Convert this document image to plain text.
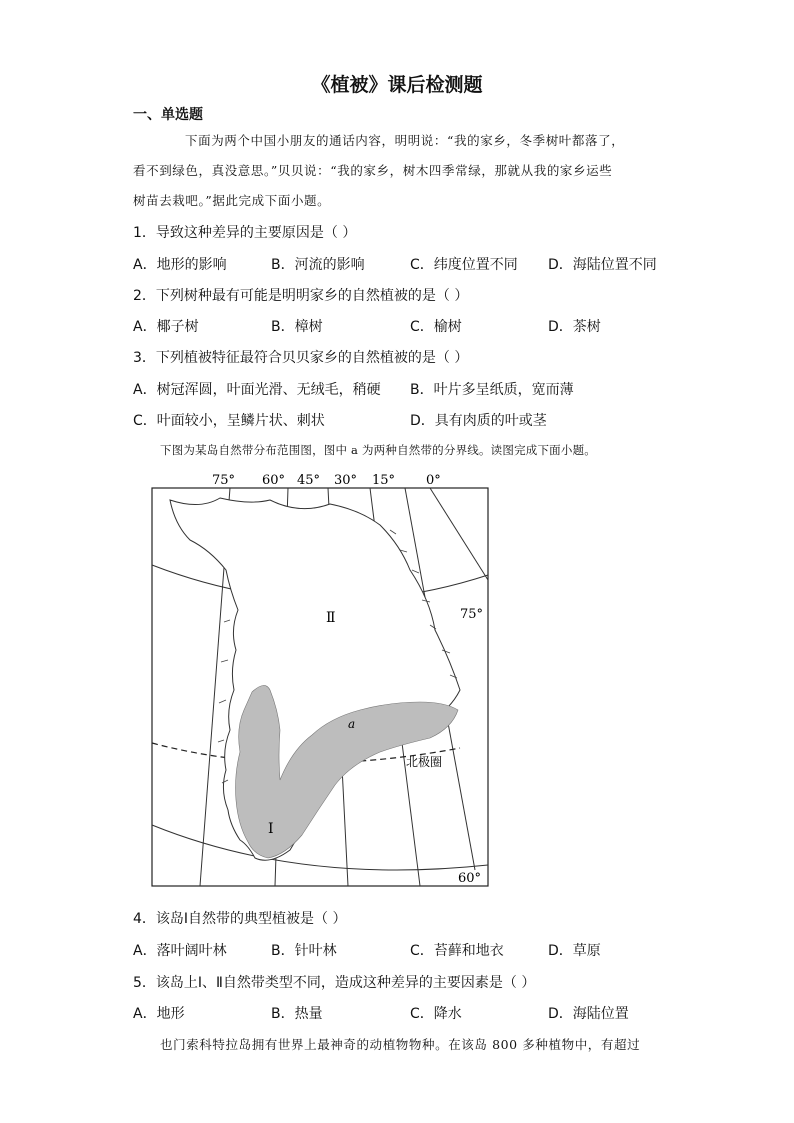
《植被》课后检测题
一、单选题
下面为两个中国小朋友的通话内容，明明说：“我的家乡，冬季树叶都落了，
看不到绿色，真没意思。”贝贝说：“我的家乡，树木四季常绿，那就从我的家乡运些
树苗去栽吧。”据此完成下面小题。
1．导致这种差异的主要原因是（ ）
A．地形的影响	B．河流的影响	C．纬度位置不同 D．海陆位置不同
2．下列树种最有可能是明明家乡的自然植被的是（ ）
A．椰子树	B．樟树	C．榆树	D．茶树
3．下列植被特征最符合贝贝家乡的自然植被的是（ ）
A．树冠浑圆，叶面光滑、无绒毛，稍硬 B．叶片多呈纸质，宽而薄
C．叶面较小，呈鳞片状、刺状	D．具有肉质的叶或茎
下图为某岛自然带分布范围图，图中 a 为两种自然带的分界线。读图完成下面小题。
75° 60° 45° 30° 15° 0°
75°
60°
Ⅰ
Ⅱ
a
北极圈
4．该岛Ⅰ自然带的典型植被是（ ）
A．落叶阔叶林	B．针叶林	C．苔藓和地衣	D．草原
5．该岛上Ⅰ、Ⅱ自然带类型不同，造成这种差异的主要因素是（ ）
A．地形	B．热量	C．降水	D．海陆位置
也门索科特拉岛拥有世界上最神奇的动植物物种。在该岛 800 多种植物中，有超过
